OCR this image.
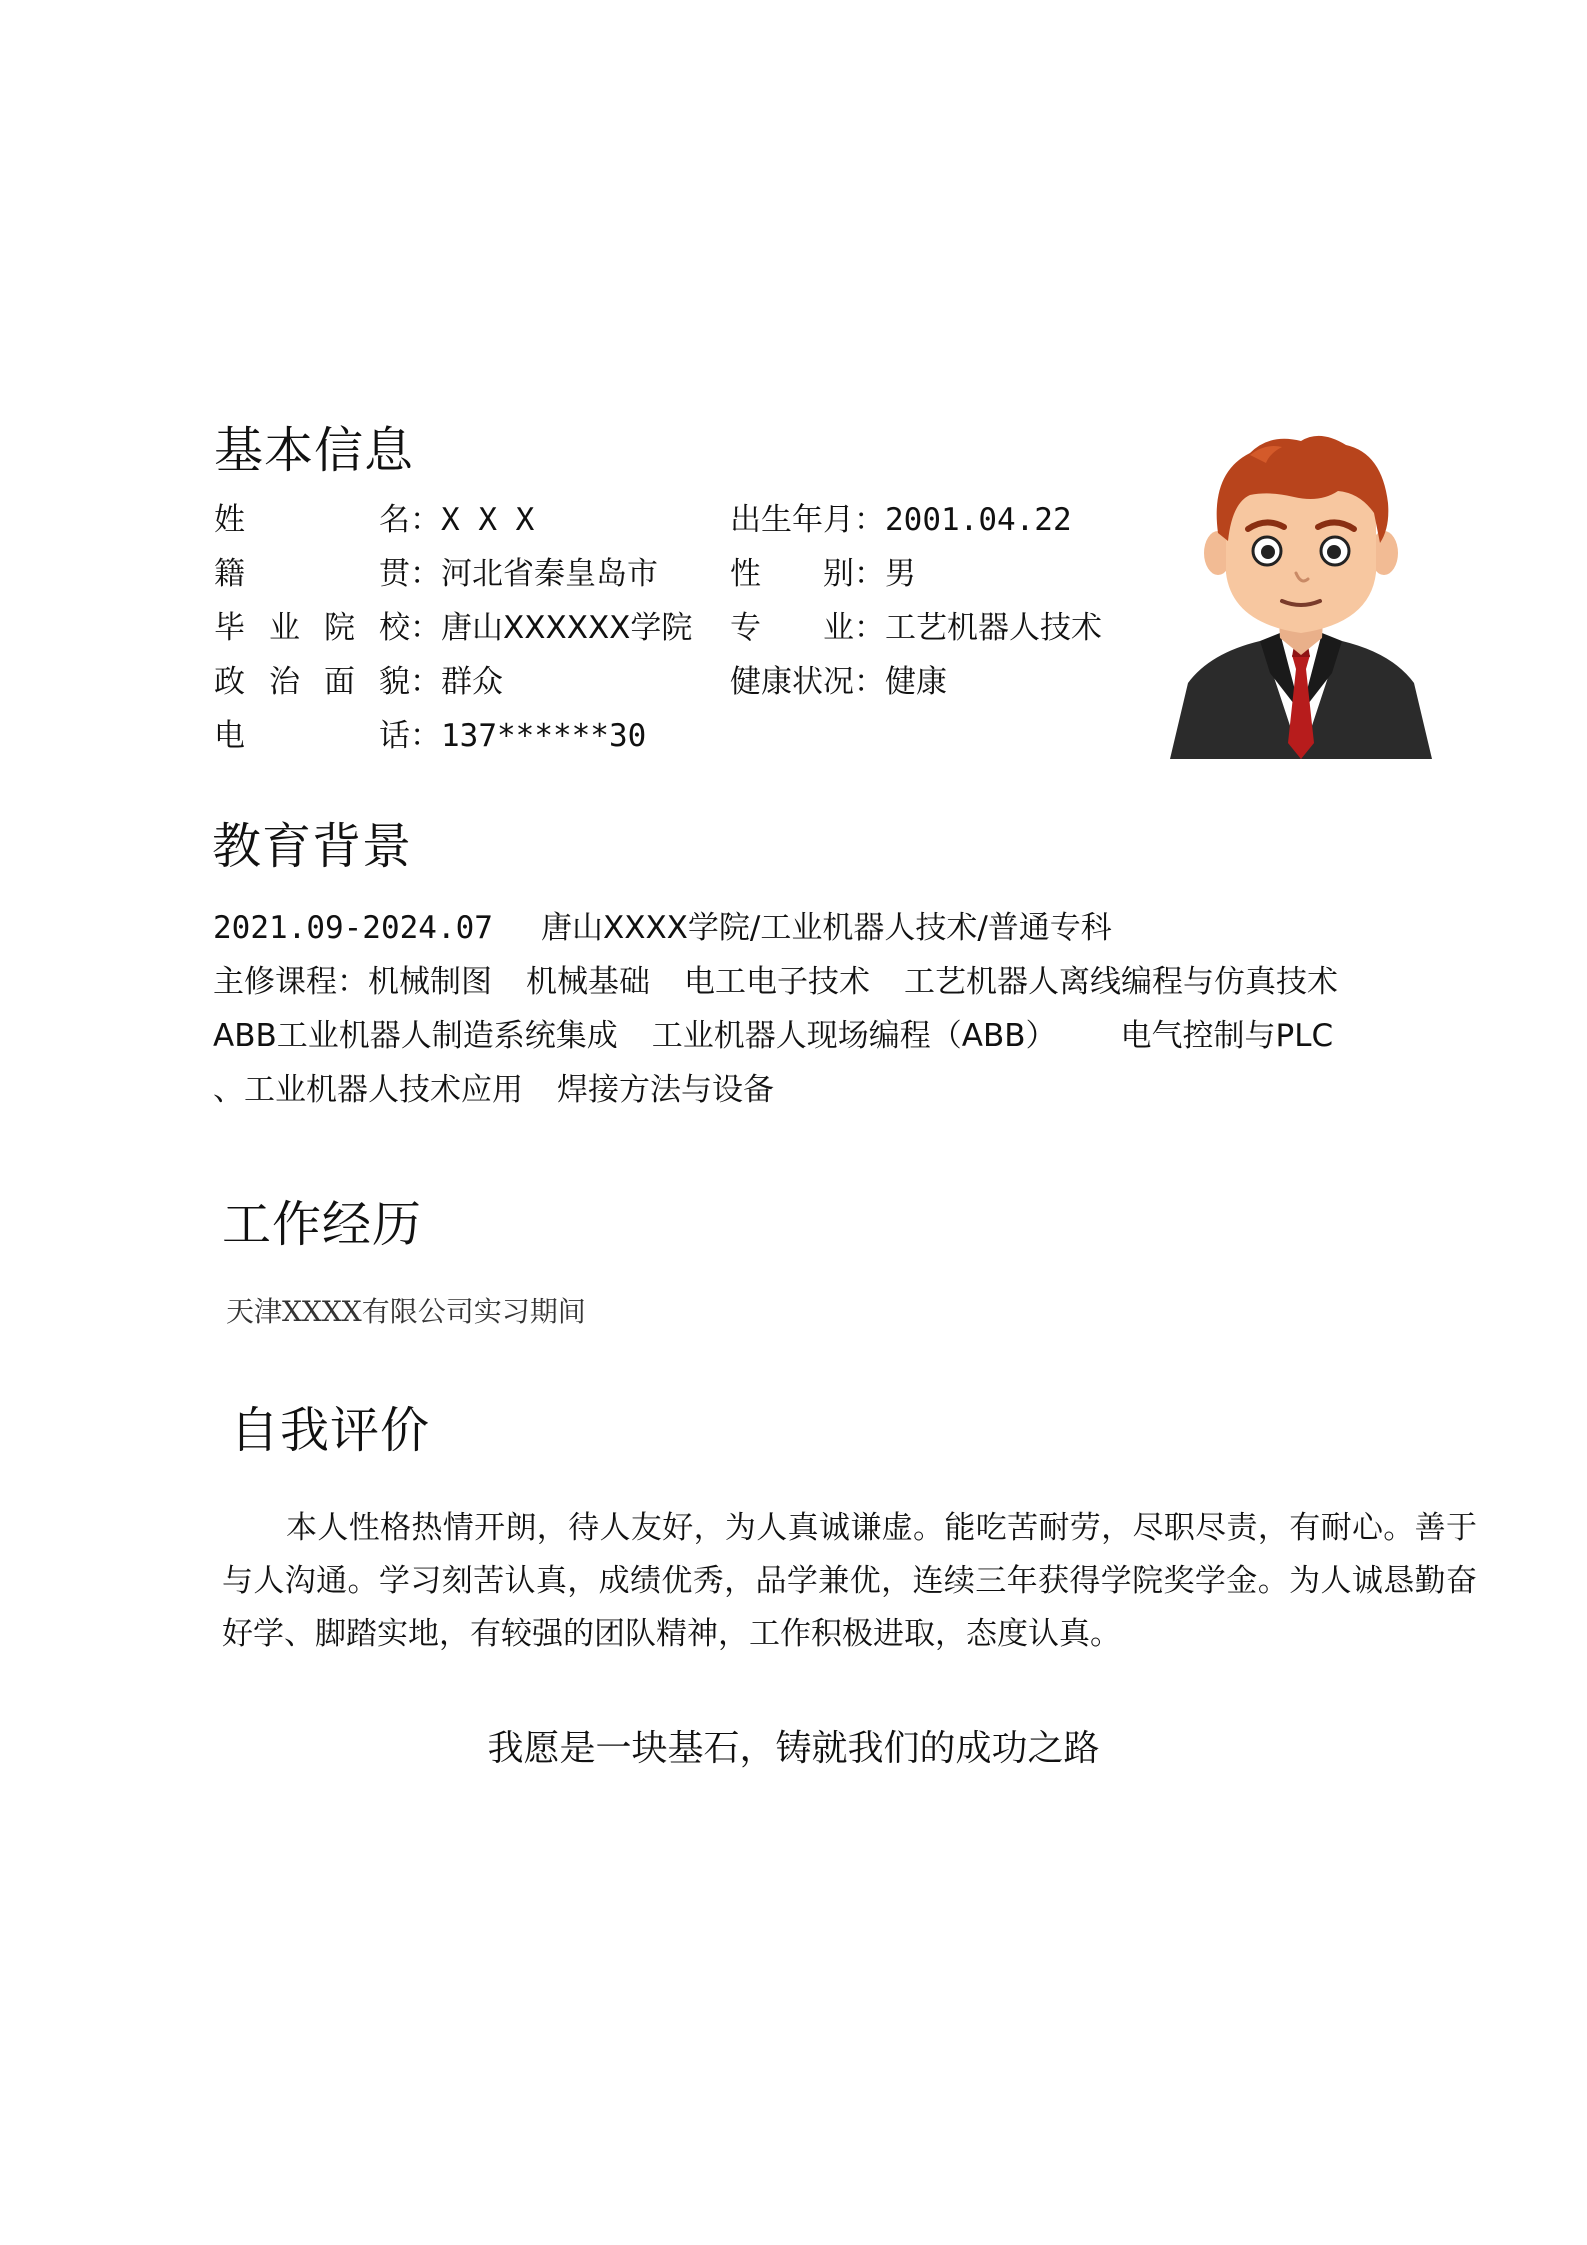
基本信息
姓名：X X X	出生年月：2001.04.22
籍贯：河北省秦皇岛市 性别：男
毕业院校：唐山XXXXXX学院 专业：工艺机器人技术
政治面貌：群众	健康状况：健康
电话：137******30
教育背景
2021.09-2024.07 唐山XXXX学院/工业机器人技术/普通专科
主修课程：机械制图 机械基础 电工电子技术 工艺机器人离线编程与仿真技术
ABB工业机器人制造系统集成 工业机器人现场编程（ABB） 电气控制与PLC
、工业机器人技术应用 焊接方法与设备
工作经历
天津XXXX有限公司实习期间
自我评价

本人性格热情开朗，待人友好，为人真诚谦虚。能吃苦耐劳，尽职尽责，有耐心。善于与人沟通。学习刻苦认真，成绩优秀，品学兼优，连续三年获得学院奖学金。为人诚恳勤奋好学、脚踏实地，有较强的团队精神，工作积极进取，态度认真。

我愿是一块基石，铸就我们的成功之路
